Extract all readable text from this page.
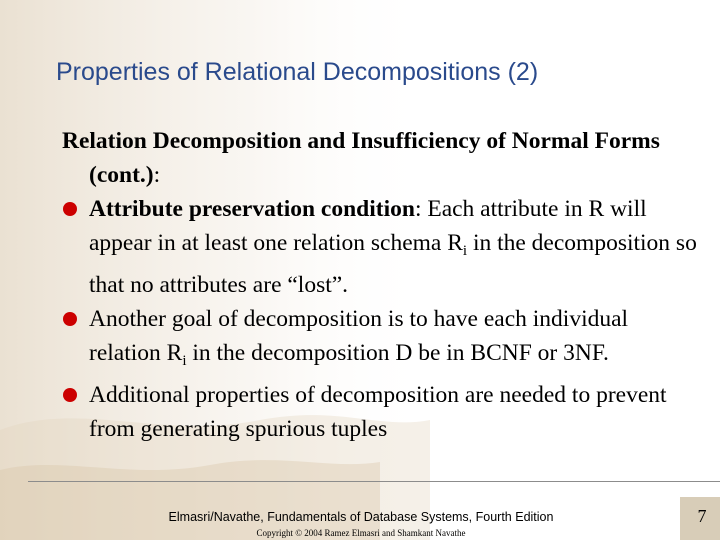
Properties of Relational Decompositions (2)
Relation Decomposition and Insufficiency of Normal Forms (cont.):
Attribute preservation condition: Each attribute in R will appear in at least one relation schema $R_i$ in the decomposition so that no attributes are “lost”.
Another goal of decomposition is to have each individual relation $R_i$ in the decomposition D be in BCNF or 3NF.
Additional properties of decomposition are needed to prevent from generating spurious tuples
Elmasri/Navathe, Fundamentals of Database Systems, Fourth Edition
Copyright © 2004 Ramez Elmasri and Shamkant Navathe
7
